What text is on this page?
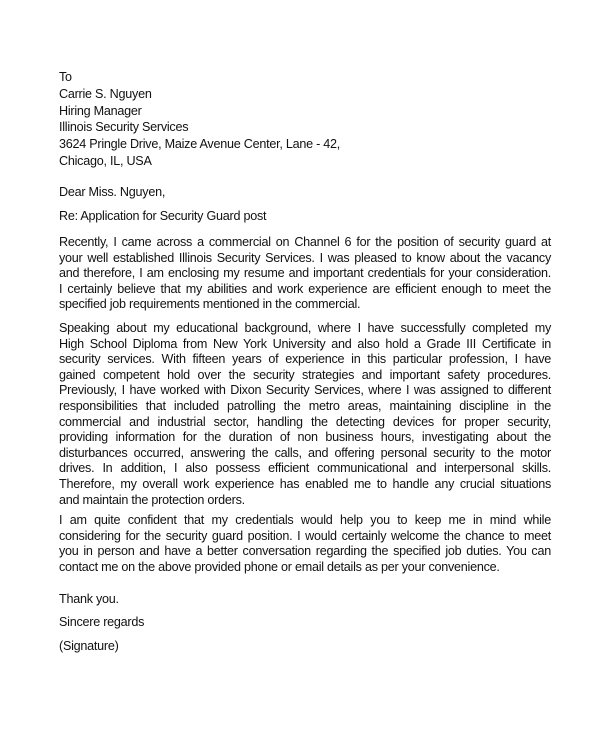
To
Carrie S. Nguyen
Hiring Manager
Illinois Security Services
3624 Pringle Drive, Maize Avenue Center, Lane - 42,
Chicago, IL, USA
Dear Miss. Nguyen,
Re: Application for Security Guard post
Recently, I came across a commercial on Channel 6 for the position of security guard at
your well established Illinois Security Services. I was pleased to know about the vacancy
and therefore, I am enclosing my resume and important credentials for your consideration.
I certainly believe that my abilities and work experience are efficient enough to meet the
specified job requirements mentioned in the commercial.
Speaking about my educational background, where I have successfully completed my
High School Diploma from New York University and also hold a Grade III Certificate in
security services. With fifteen years of experience in this particular profession, I have
gained competent hold over the security strategies and important safety procedures.
Previously, I have worked with Dixon Security Services, where I was assigned to different
responsibilities that included patrolling the metro areas, maintaining discipline in the
commercial and industrial sector, handling the detecting devices for proper security,
providing information for the duration of non business hours, investigating about the
disturbances occurred, answering the calls, and offering personal security to the motor
drives. In addition, I also possess efficient communicational and interpersonal skills.
Therefore, my overall work experience has enabled me to handle any crucial situations
and maintain the protection orders.
I am quite confident that my credentials would help you to keep me in mind while
considering for the security guard position. I would certainly welcome the chance to meet
you in person and have a better conversation regarding the specified job duties. You can
contact me on the above provided phone or email details as per your convenience.
Thank you.
Sincere regards
(Signature)
